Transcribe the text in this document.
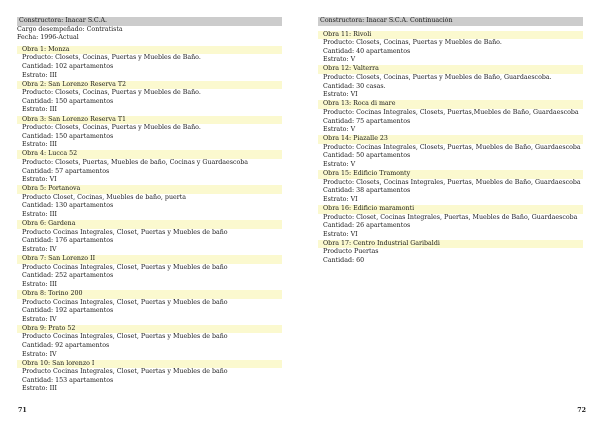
Constructora: Inacar S.C.A.
Cargo desempeñado: Contratista
Fecha: 1996-Actual
Obra 1: Monza
Producto: Closets, Cocinas, Puertas y Muebles de Baño.
Cantidad: 102 apartamentos
Estrato: III
Obra 2: San Lorenzo Reserva T2
Producto: Closets, Cocinas, Puertas y Muebles de Baño.
Cantidad: 150 apartamentos
Estrato: III
Obra 3: San Lorenzo Reserva T1
Producto: Closets, Cocinas, Puertas y Muebles de Baño.
Cantidad: 150 apartamentos
Estrato: III
Obra 4: Lucca 52
Producto: Closets, Puertas, Muebles de baño, Cocinas y Guardaescoba
Cantidad: 57 apartamentos
Estrato: VI
Obra 5: Portanova
Producto Closet, Cocinas, Muebles de baño, puerta
Cantidad: 130 apartamentos
Estrato: III
Obra 6: Gardena
Producto Cocinas Integrales, Closet, Puertas y Muebles de baño
Cantidad: 176 apartamentos
Estrato: IV
Obra 7: San Lorenzo II
Producto Cocinas Integrales, Closet, Puertas y Muebles de baño
Cantidad: 252 apartamentos
Estrato: III
Obra 8: Torino 200
Producto Cocinas Integrales, Closet, Puertas y Muebles de baño
Cantidad: 192 apartamentos
Estrato: IV
Obra 9: Prato 52
Producto Cocinas Integrales, Closet, Puertas y Muebles de baño
Cantidad: 92 apartamentos
Estrato: IV
Obra 10: San lorenzo I
Producto Cocinas Integrales, Closet, Puertas y Muebles de baño
Cantidad: 153 apartamentos
Estrato: III
71
Constructora: Inacar S.C.A. Continuación
Obra 11: Rivoli
Producto: Closets, Cocinas, Puertas y Muebles de Baño.
Cantidad: 40 apartamentos
Estrato: V
Obra 12: Valterra
Producto: Closets, Cocinas, Puertas y Muebles de Baño, Guardaescoba.
Cantidad: 30 casas.
Estrato: VI
Obra 13: Roca di mare
Producto: Cocinas Integrales, Closets, Puertas,Muebles de Baño, Guardaescoba
Cantidad: 75 apartamentos
Estrato: V
Obra 14: Piazalle 23
Producto: Cocinas Integrales, Closets, Puertas, Muebles de Baño, Guardaescoba
Cantidad: 50 apartamentos
Estrato: V
Obra 15: Edificio Tramonty
Producto: Closets, Cocinas Integrales, Puertas, Muebles de Baño, Guardaescoba
Cantidad: 38 apartamentos
Estrato: VI
Obra 16: Edificio maramonti
Producto: Closet, Cocinas Integrales, Puertas, Muebles de Baño, Guardaescoba
Cantidad: 26 apartamentos
Estrato: VI
Obra 17: Centro Industrial Garibaldi
Producto Puertas
Cantidad: 60
72
